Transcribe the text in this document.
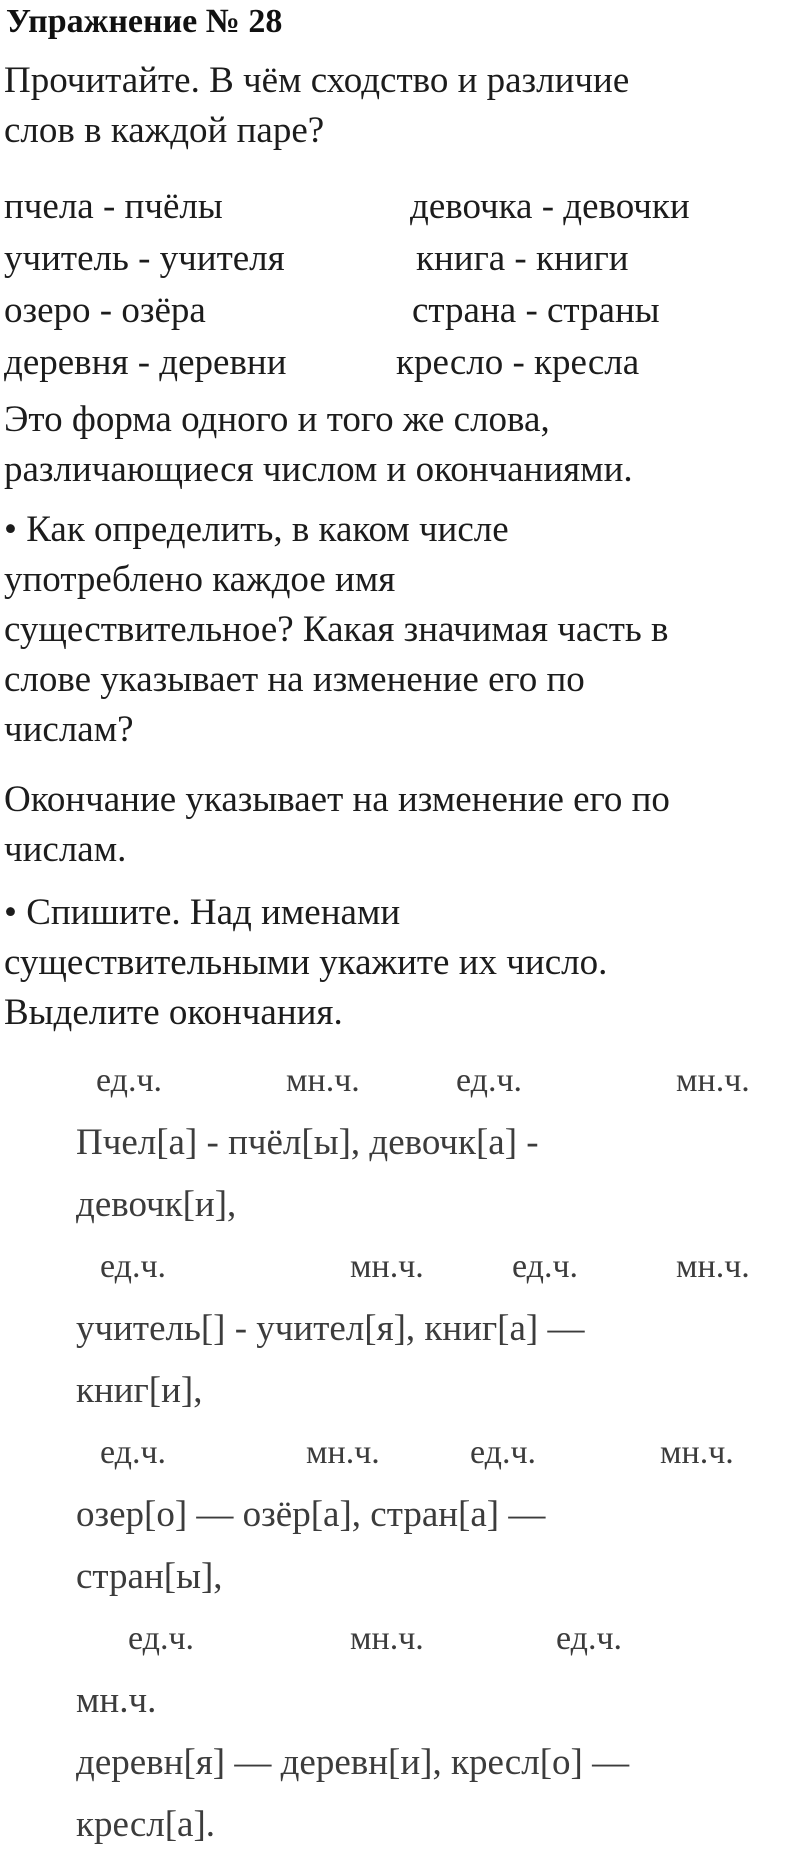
Упражнение № 28

Прочитайте. В чём сходство и различие
слов в каждой паре?

пчела - пчёлы	девочка - девочки
учитель - учителя	книга - книги
озеро - озёра	страна - страны
деревня - деревни	кресло - кресла

Это форма одного и того же слова,
различающиеся числом и окончаниями.

• Как определить, в каком числе
употреблено каждое имя
существительное? Какая значимая часть в
слове указывает на изменение его по
числам?

Окончание указывает на изменение его по
числам.

• Спишите. Над именами
существительными укажите их число.
Выделите окончания.

ед.ч.	мн.ч.	ед.ч.	мн.ч.
Пчел[а] - пчёл[ы], девочк[а] -
девочк[и],
ед.ч.	мн.ч.	ед.ч.	мн.ч.
учитель[] - учител[я], книг[а] —
книг[и],
ед.ч.	мн.ч.	ед.ч.	мн.ч.
озер[о] — озёр[а], стран[а] —
стран[ы],
ед.ч.	мн.ч.	ед.ч.
мн.ч.
деревн[я] — деревн[и], кресл[о] —
кресл[а].
